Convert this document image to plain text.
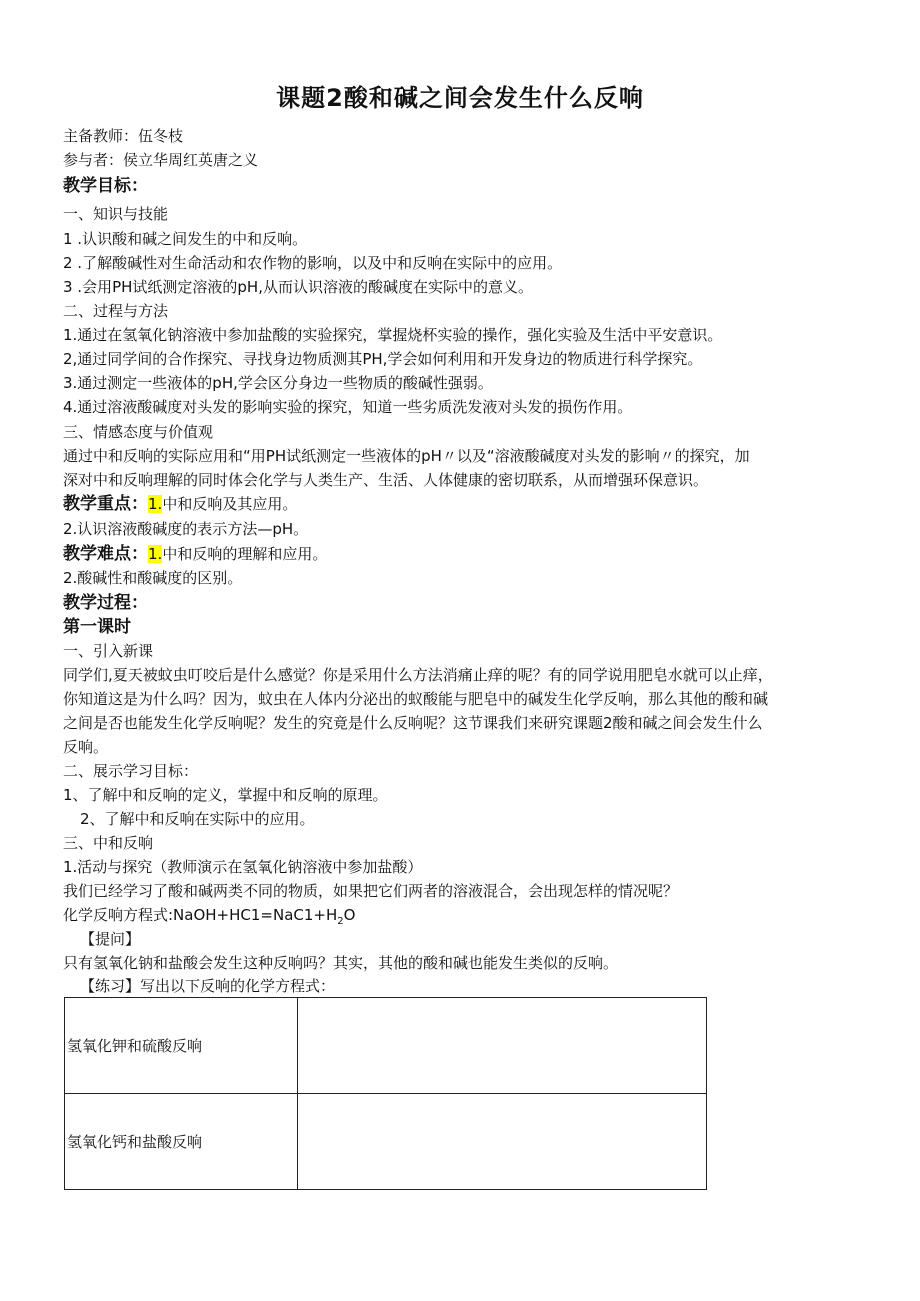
课题2酸和碱之间会发生什么反响
主备教师：伍冬枝
参与者：侯立华周红英唐之义
教学目标：
一、知识与技能
1 .认识酸和碱之间发生的中和反响。
2 .了解酸碱性对生命活动和农作物的影响，以及中和反响在实际中的应用。
3 .会用PH试纸测定溶液的pH,从而认识溶液的酸碱度在实际中的意义。
二、过程与方法
1.通过在氢氧化钠溶液中参加盐酸的实验探究，掌握烧杯实验的操作，强化实验及生活中平安意识。
2,通过同学间的合作探究、寻找身边物质测其PH,学会如何利用和开发身边的物质进行科学探究。
3.通过测定一些液体的pH,学会区分身边一些物质的酸碱性强弱。
4.通过溶液酸碱度对头发的影响实验的探究，知道一些劣质洗发液对头发的损伤作用。
三、情感态度与价值观
通过中和反响的实际应用和“用PH试纸测定一些液体的pH〃以及“溶液酸碱度对头发的影响〃的探究，加
深对中和反响理解的同时体会化学与人类生产、生活、人体健康的密切联系，从而增强环保意识。
教学重点：1.中和反响及其应用。
2.认识溶液酸碱度的表示方法—pH。
教学难点：1.中和反响的理解和应用。
2.酸碱性和酸碱度的区别。
教学过程：
第一课时
一、引入新课
同学们,夏天被蚊虫叮咬后是什么感觉？你是采用什么方法消痛止痒的呢？有的同学说用肥皂水就可以止痒，
你知道这是为什么吗？因为，蚊虫在人体内分泌出的蚁酸能与肥皂中的碱发生化学反响，那么其他的酸和碱
之间是否也能发生化学反响呢？发生的究竟是什么反响呢？这节课我们来研究课题2酸和碱之间会发生什么
反响。
二、展示学习目标：
1、了解中和反响的定义，掌握中和反响的原理。
2、了解中和反响在实际中的应用。
三、中和反响
1.活动与探究（教师演示在氢氧化钠溶液中参加盐酸）
我们已经学习了酸和碱两类不同的物质，如果把它们两者的溶液混合，会出现怎样的情况呢？
化学反响方程式$:NaOH+HC1=NaC1+H_2O$
【提问】
只有氢氧化钠和盐酸会发生这种反响吗？其实，其他的酸和碱也能发生类似的反响。
【练习】写出以下反响的化学方程式：
氢氧化钾和硫酸反响	
氢氧化钙和盐酸反响	
